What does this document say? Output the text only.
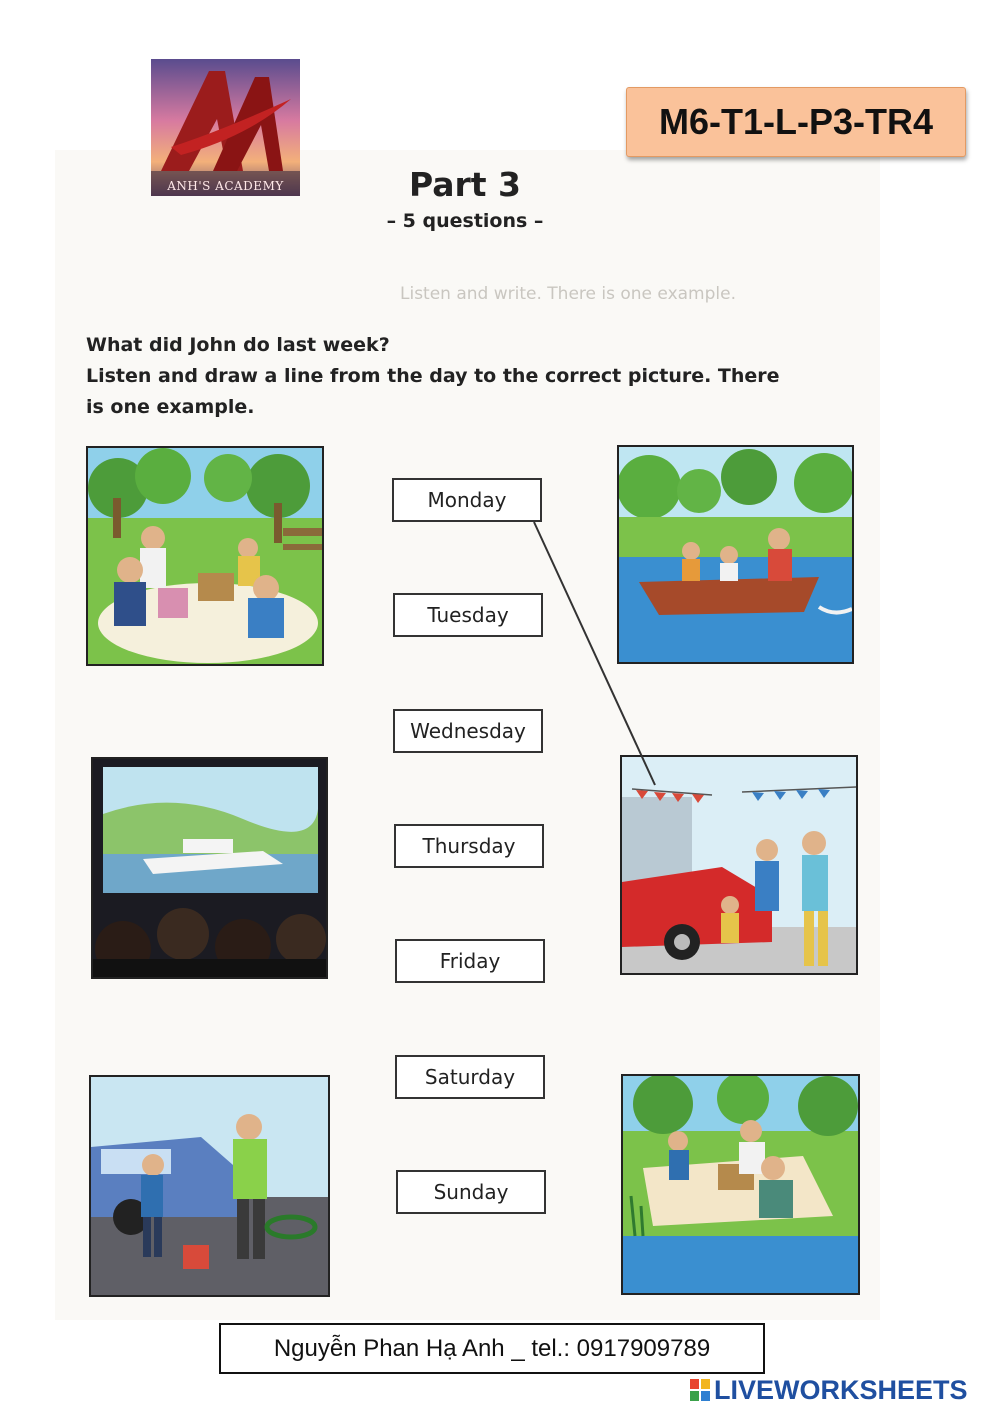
ANH'S ACADEMY
M6-T1-L-P3-TR4
Part 3
– 5 questions –
Listen and write. There is one example.
What did John do last week?
Listen and draw a line from the day to the correct picture. There
is one example.
Monday
Tuesday
Wednesday
Thursday
Friday
Saturday
Sunday
Nguyễn Phan Hạ Anh _ tel.: 0917909789
LIVEWORKSHEETS
